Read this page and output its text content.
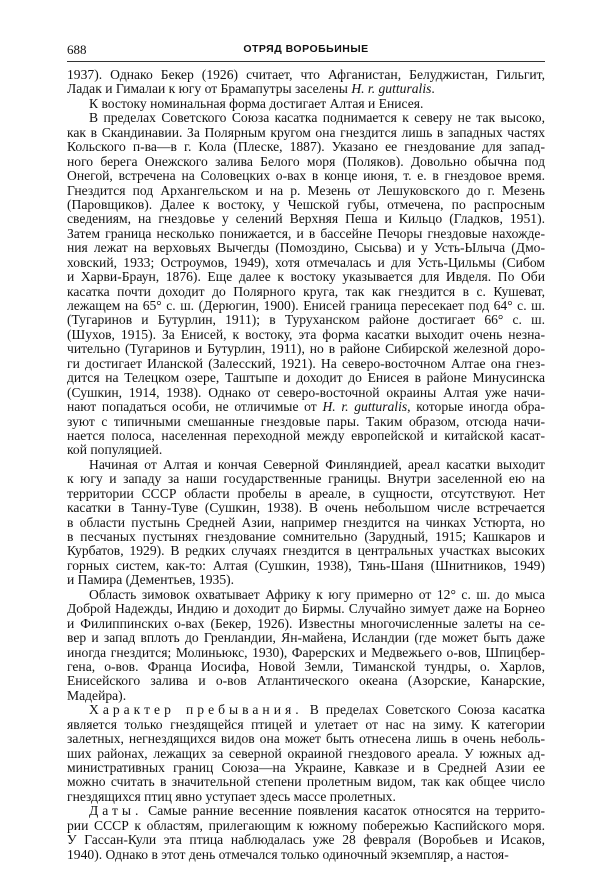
688	ОТРЯД ВОРОБЬИНЫЕ
1937). Однако Бекер (1926) считает, что Афганистан, Белуджистан, Гильгит,
Ладак и Гималаи к югу от Брамапутры заселены H. r. gutturalis.
К востоку номинальная форма достигает Алтая и Енисея.
В пределах Советского Союза касатка поднимается к северу не так высоко,
как в Скандинавии. За Полярным кругом она гнездится лишь в западных частях
Кольского п-ва—в г. Кола (Плеске, 1887). Указано ее гнездование для запад-
ного берега Онежского залива Белого моря (Поляков). Довольно обычна под
Онегой, встречена на Соловецких о-вах в конце июня, т. е. в гнездовое время.
Гнездится под Архангельском и на р. Мезень от Лешуковского до г. Мезень
(Паровщиков). Далее к востоку, у Чешской губы, отмечена, по распросным
сведениям, на гнездовье у селений Верхняя Пеша и Кильцо (Гладков, 1951).
Затем граница несколько понижается, и в бассейне Печоры гнездовые нахожде-
ния лежат на верховьях Вычегды (Помоздино, Сысьва) и у Усть-Ылыча (Дмо-
ховский, 1933; Остроумов, 1949), хотя отмечалась и для Усть-Цильмы (Сибом
и Харви-Браун, 1876). Еще далее к востоку указывается для Ивделя. По Оби
касатка почти доходит до Полярного круга, так как гнездится в с. Кушеват,
лежащем на 65° с. ш. (Дерюгин, 1900). Енисей граница пересекает под 64° с. ш.
(Тугаринов и Бутурлин, 1911); в Туруханском районе достигает 66° с. ш.
(Шухов, 1915). За Енисей, к востоку, эта форма касатки выходит очень незна-
чительно (Тугаринов и Бутурлин, 1911), но в районе Сибирской железной доро-
ги достигает Иланской (Залесский, 1921). На северо-восточном Алтае она гнез-
дится на Телецком озере, Таштыпе и доходит до Енисея в районе Минусинска
(Сушкин, 1914, 1938). Однако от северо-восточной окраины Алтая уже начи-
нают попадаться особи, не отличимые от H. r. gutturalis, которые иногда обра-
зуют с типичными смешанные гнездовые пары. Таким образом, отсюда начи-
нается полоса, населенная переходной между европейской и китайской касат-
кой популяцией.
Начиная от Алтая и кончая Северной Финляндией, ареал касатки выходит
к югу и западу за наши государственные границы. Внутри заселенной ею на
территории СССР области пробелы в ареале, в сущности, отсутствуют. Нет
касатки в Танну-Туве (Сушкин, 1938). В очень небольшом числе встречается
в области пустынь Средней Азии, например гнездится на чинках Устюрта, но
в песчаных пустынях гнездование сомнительно (Зарудный, 1915; Кашкаров и
Курбатов, 1929). В редких случаях гнездится в центральных участках высоких
горных систем, как-то: Алтая (Сушкин, 1938), Тянь-Шаня (Шнитников, 1949)
и Памира (Дементьев, 1935).
Область зимовок охватывает Африку к югу примерно от 12° с. ш. до мыса
Доброй Надежды, Индию и доходит до Бирмы. Случайно зимует даже на Борнео
и Филиппинских о-вах (Бекер, 1926). Известны многочисленные залеты на се-
вер и запад вплоть до Гренландии, Ян-майена, Исландии (где может быть даже
иногда гнездится; Молиньюкс, 1930), Фарерских и Медвежьего о-вов, Шпицбер-
гена, о-вов. Франца Иосифа, Новой Земли, Тиманской тундры, о. Харлов,
Енисейского залива и о-вов Атлантического океана (Азорские, Канарские,
Мадейра).
Характер пребывания. В пределах Советского Союза касатка
является только гнездящейся птицей и улетает от нас на зиму. К категории
залетных, негнездящихся видов она может быть отнесена лишь в очень неболь-
ших районах, лежащих за северной окраиной гнездового ареала. У южных ад-
министративных границ Союза—на Украине, Кавказе и в Средней Азии ее
можно считать в значительной степени пролетным видом, так как общее число
гнездящихся птиц явно уступает здесь массе пролетных.
Даты. Самые ранние весенние появления касаток относятся на террито-
рии СССР к областям, прилегающим к южному побережью Каспийского моря.
У Гассан-Кули эта птица наблюдалась уже 28 февраля (Воробьев и Исаков,
1940). Однако в этот день отмечался только одиночный экземпляр, а настоя-
